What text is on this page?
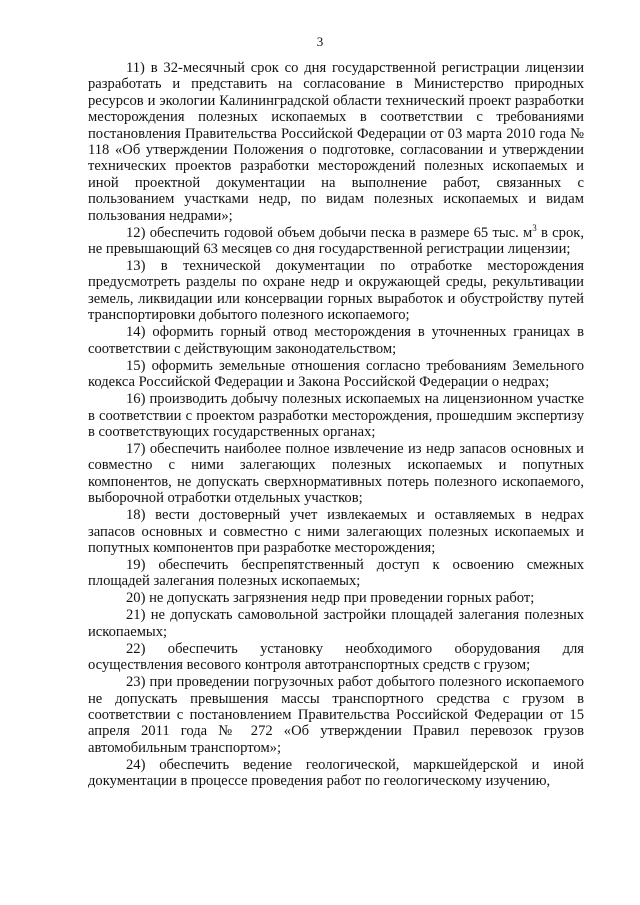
3

11) в 32-месячный срок со дня государственной регистрации лицензии разработать и представить на согласование в Министерство природных ресурсов и экологии Калининградской области технический проект разработки месторождения полезных ископаемых в соответствии с требованиями постановления Правительства Российской Федерации от 03 марта 2010 года № 118 «Об утверждении Положения о подготовке, согласовании и утверждении технических проектов разработки месторождений полезных ископаемых и иной проектной документации на выполнение работ, связанных с пользованием участками недр, по видам полезных ископаемых и видам пользования недрами»;

12) обеспечить годовой объем добычи песка в размере 65 тыс. $м^3$ в срок, не превышающий 63 месяцев со дня государственной регистрации лицензии;

13) в технической документации по отработке месторождения предусмотреть разделы по охране недр и окружающей среды, рекультивации земель, ликвидации или консервации горных выработок и обустройству путей транспортировки добытого полезного ископаемого;

14) оформить горный отвод месторождения в уточненных границах в соответствии с действующим законодательством;

15) оформить земельные отношения согласно требованиям Земельного кодекса Российской Федерации и Закона Российской Федерации о недрах;

16) производить добычу полезных ископаемых на лицензионном участке в соответствии с проектом разработки месторождения, прошедшим экспертизу в соответствующих государственных органах;

17) обеспечить наиболее полное извлечение из недр запасов основных и совместно с ними залегающих полезных ископаемых и попутных компонентов, не допускать сверхнормативных потерь полезного ископаемого, выборочной отработки отдельных участков;

18) вести достоверный учет извлекаемых и оставляемых в недрах запасов основных и совместно с ними залегающих полезных ископаемых и попутных компонентов при разработке месторождения;

19) обеспечить беспрепятственный доступ к освоению смежных площадей залегания полезных ископаемых;

20) не допускать загрязнения недр при проведении горных работ;

21) не допускать самовольной застройки площадей залегания полезных ископаемых;

22) обеспечить установку необходимого оборудования для осуществления весового контроля автотранспортных средств с грузом;

23) при проведении погрузочных работ добытого полезного ископаемого не допускать превышения массы транспортного средства с грузом в соответствии с постановлением Правительства Российской Федерации от 15 апреля 2011 года № 272 «Об утверждении Правил перевозок грузов автомобильным транспортом»;

24) обеспечить ведение геологической, маркшейдерской и иной документации в процессе проведения работ по геологическому изучению,
